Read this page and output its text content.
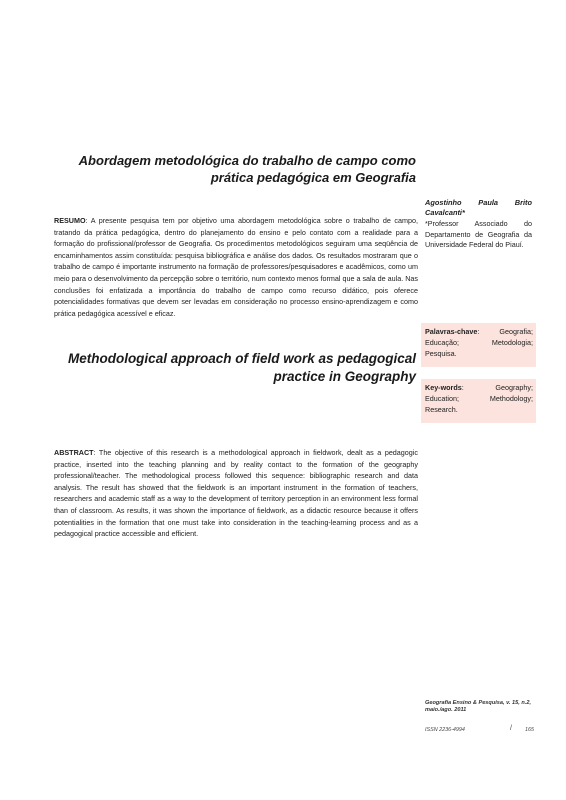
Abordagem metodológica do trabalho de campo como prática pedagógica em Geografia
RESUMO: A presente pesquisa tem por objetivo uma abordagem metodológica sobre o trabalho de campo, tratando da prática pedagógica, dentro do planejamento do ensino e pelo contato com a realidade para a formação do profissional/professor de Geografia. Os procedimentos metodológicos seguiram uma seqüência de encaminhamentos assim constituída: pesquisa bibliográfica e análise dos dados. Os resultados mostraram que o trabalho de campo é importante instrumento na formação de professores/pesquisadores e acadêmicos, como um meio para o desenvolvimento da percepção sobre o território, num contexto menos formal que a sala de aula. Nas conclusões foi enfatizada a importância do trabalho de campo como recurso didático, pois oferece potencialidades formativas que devem ser levadas em consideração no processo ensino-aprendizagem e como prática pedagógica acessível e eficaz.
Methodological approach of field work as pedagogical practice in Geography
ABSTRACT: The objective of this research is a methodological approach in fieldwork, dealt as a pedagogic practice, inserted into the teaching planning and by reality contact to the formation of the geography professional/teacher. The methodological process followed this sequence: bibliographic research and data analysis. The result has showed that the fieldwork is an important instrument in the formation of teachers, researchers and academic staff as a way to the development of territory perception in an environment less formal than of classroom. As results, it was shown the importance of fieldwork, as a didactic resource because it offers potentialities in the formation that one must take into consideration in the teaching-learning process and as a pedagogical practice accessible and efficient.
Agostinho Paula Brito
Cavalcanti*
*Professor Associado do Departamento de Geografia da Universidade Federal do Piauí.
Palavras-chave: Geografia; Educação; Metodologia; Pesquisa.
Key-words: Geography; Education; Methodology; Research.
Geografia Ensino & Pesquisa, v. 15, n.2, maio./ago. 2011
ISSN 2236-4994	/ 165
